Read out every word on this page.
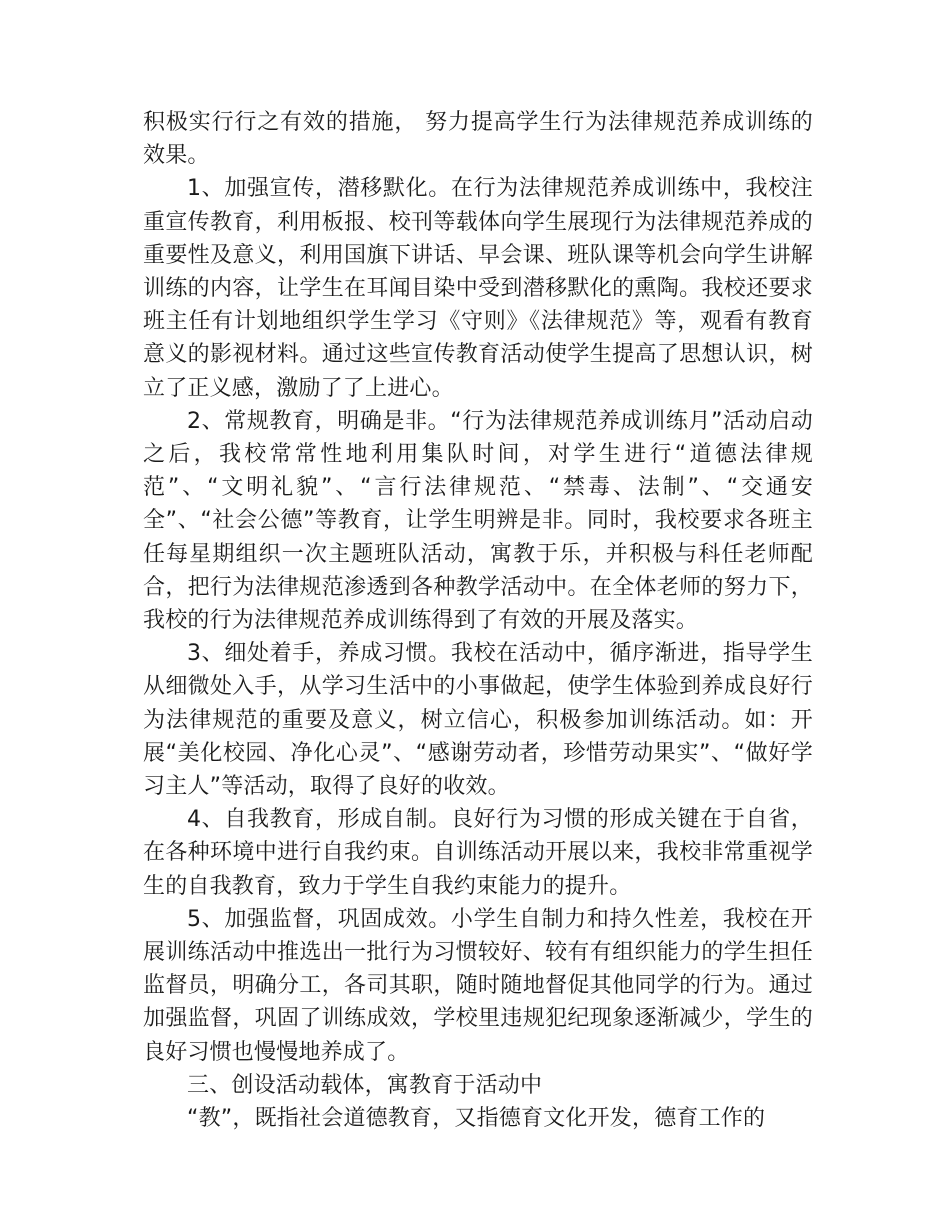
积极实行行之有效的措施， 努力提高学生行为法律规范养成训练的效果。

1、加强宣传，潜移默化。在行为法律规范养成训练中，我校注重宣传教育，利用板报、校刊等载体向学生展现行为法律规范养成的重要性及意义，利用国旗下讲话、早会课、班队课等机会向学生讲解训练的内容，让学生在耳闻目染中受到潜移默化的熏陶。我校还要求班主任有计划地组织学生学习《守则》《法律规范》等，观看有教育意义的影视材料。通过这些宣传教育活动使学生提高了思想认识，树立了正义感，激励了了上进心。

2、常规教育，明确是非。“行为法律规范养成训练月”活动启动之后，我校常常性地利用集队时间，对学生进行“道德法律规范”、“文明礼貌”、“言行法律规范、“禁毒、法制”、“交通安全”、“社会公德”等教育，让学生明辨是非。同时，我校要求各班主任每星期组织一次主题班队活动，寓教于乐，并积极与科任老师配合，把行为法律规范渗透到各种教学活动中。在全体老师的努力下，我校的行为法律规范养成训练得到了有效的开展及落实。

3、细处着手，养成习惯。我校在活动中，循序渐进，指导学生从细微处入手，从学习生活中的小事做起，使学生体验到养成良好行为法律规范的重要及意义，树立信心，积极参加训练活动。如：开展“美化校园、净化心灵”、“感谢劳动者，珍惜劳动果实”、“做好学习主人”等活动，取得了良好的收效。

4、自我教育，形成自制。良好行为习惯的形成关键在于自省，在各种环境中进行自我约束。自训练活动开展以来，我校非常重视学生的自我教育，致力于学生自我约束能力的提升。

5、加强监督，巩固成效。小学生自制力和持久性差，我校在开展训练活动中推选出一批行为习惯较好、较有有组织能力的学生担任监督员，明确分工，各司其职，随时随地督促其他同学的行为。通过加强监督，巩固了训练成效，学校里违规犯纪现象逐渐减少，学生的良好习惯也慢慢地养成了。

三、创设活动载体，寓教育于活动中

“教”，既指社会道德教育，又指德育文化开发，德育工作的
